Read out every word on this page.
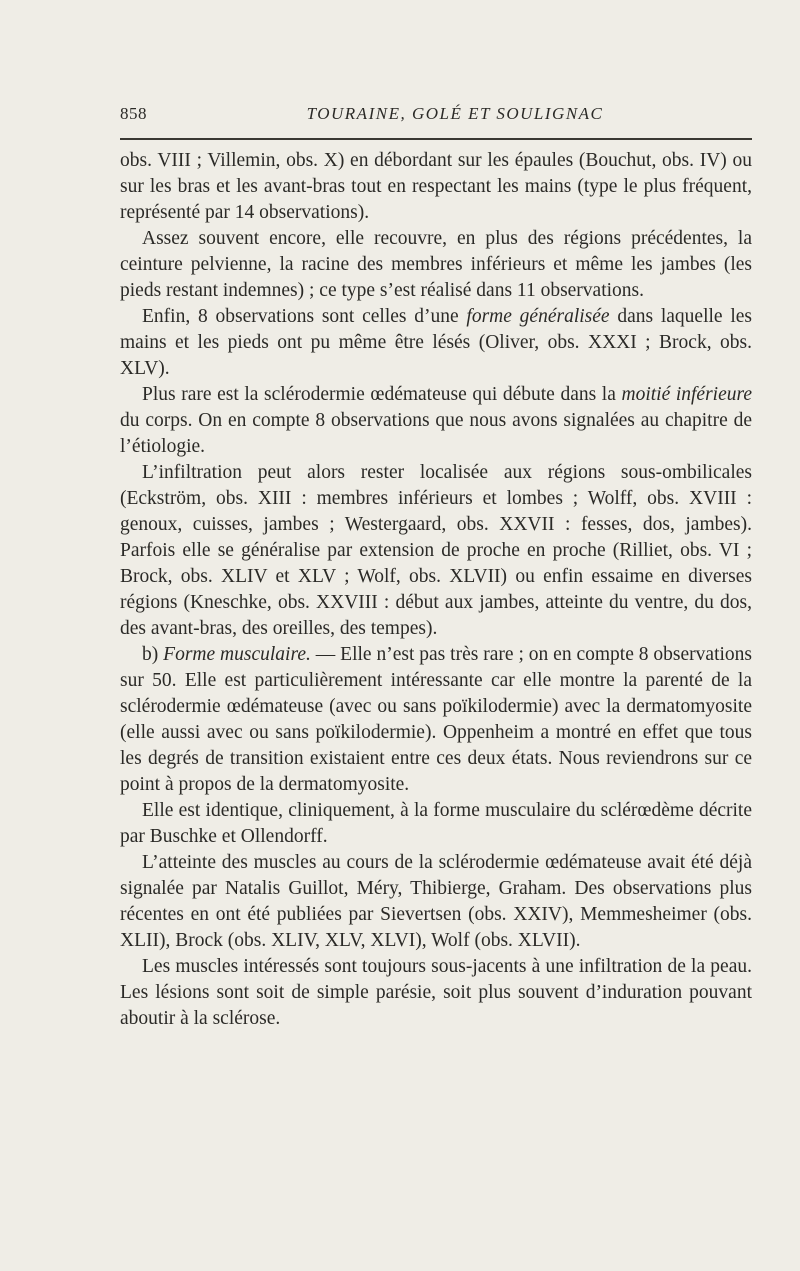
858	TOURAINE, GOLÉ ET SOULIGNAC

obs. VIII ; Villemin, obs. X) en débordant sur les épaules (Bouchut, obs. IV) ou sur les bras et les avant-bras tout en respectant les mains (type le plus fréquent, représenté par 14 observations).

Assez souvent encore, elle recouvre, en plus des régions précédentes, la ceinture pelvienne, la racine des membres inférieurs et même les jambes (les pieds restant indemnes) ; ce type s’est réalisé dans 11 observations.

Enfin, 8 observations sont celles d’une forme généralisée dans laquelle les mains et les pieds ont pu même être lésés (Oliver, obs. XXXI ; Brock, obs. XLV).

Plus rare est la sclérodermie œdémateuse qui débute dans la moitié inférieure du corps. On en compte 8 observations que nous avons signalées au chapitre de l’étiologie.

L’infiltration peut alors rester localisée aux régions sous-ombilicales (Eckström, obs. XIII : membres inférieurs et lombes ; Wolff, obs. XVIII : genoux, cuisses, jambes ; Westergaard, obs. XXVII : fesses, dos, jambes). Parfois elle se généralise par extension de proche en proche (Rilliet, obs. VI ; Brock, obs. XLIV et XLV ; Wolf, obs. XLVII) ou enfin essaime en diverses régions (Kneschke, obs. XXVIII : début aux jambes, atteinte du ventre, du dos, des avant-bras, des oreilles, des tempes).

b) Forme musculaire. — Elle n’est pas très rare ; on en compte 8 observations sur 50. Elle est particulièrement intéressante car elle montre la parenté de la sclérodermie œdémateuse (avec ou sans poïkilodermie) avec la dermatomyosite (elle aussi avec ou sans poïkilodermie). Oppenheim a montré en effet que tous les degrés de transition existaient entre ces deux états. Nous reviendrons sur ce point à propos de la dermatomyosite.

Elle est identique, cliniquement, à la forme musculaire du sclérœdème décrite par Buschke et Ollendorff.

L’atteinte des muscles au cours de la sclérodermie œdémateuse avait été déjà signalée par Natalis Guillot, Méry, Thibierge, Graham. Des observations plus récentes en ont été publiées par Sievertsen (obs. XXIV), Memmesheimer (obs. XLII), Brock (obs. XLIV, XLV, XLVI), Wolf (obs. XLVII).

Les muscles intéressés sont toujours sous-jacents à une infiltration de la peau. Les lésions sont soit de simple parésie, soit plus souvent d’induration pouvant aboutir à la sclérose.
